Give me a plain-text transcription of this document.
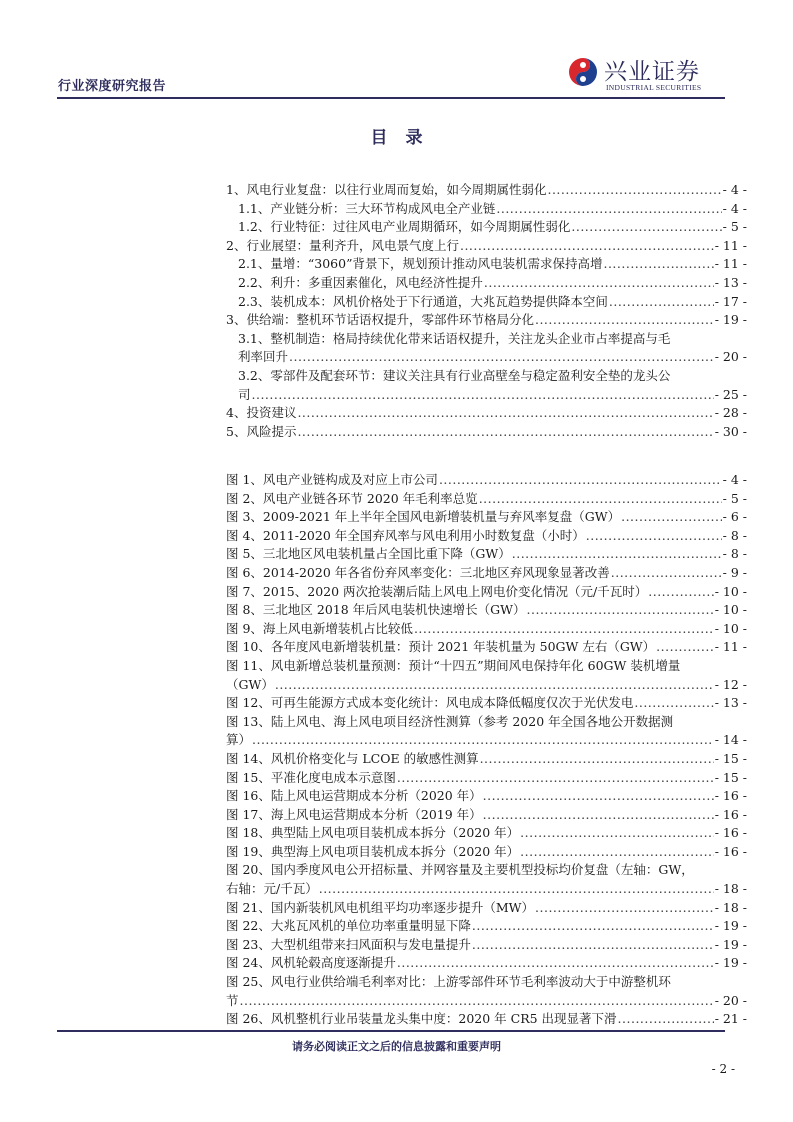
行业深度研究报告
兴业证券
INDUSTRIAL SECURITIES
目录
1、风电行业复盘：以往行业周而复始，如今周期属性弱化 .....	- 4 -
1.1、产业链分析：三大环节构成风电全产业链 .....	- 4 -
1.2、行业特征：过往风电产业周期循环，如今周期属性弱化 .....	- 5 -
2、行业展望：量利齐升，风电景气度上行 .....	- 11 -
2.1、量增：“3060”背景下，规划预计推动风电装机需求保持高增 .....	- 11 -
2.2、利升：多重因素催化，风电经济性提升 .....	- 13 -
2.3、装机成本：风机价格处于下行通道，大兆瓦趋势提供降本空间 .....	- 17 -
3、供给端：整机环节话语权提升，零部件环节格局分化 .....	- 19 -
3.1、整机制造：格局持续优化带来话语权提升，关注龙头企业市占率提高与毛
利率回升 .....	- 20 -
3.2、零部件及配套环节：建议关注具有行业高壁垒与稳定盈利安全垫的龙头公
司 .....	- 25 -
4、投资建议 .....	- 28 -
5、风险提示 .....	- 30 -
图 1、风电产业链构成及对应上市公司 .....	- 4 -
图 2、风电产业链各环节 2020 年毛利率总览 .....	- 5 -
图 3、2009-2021 年上半年全国风电新增装机量与弃风率复盘（GW） .....	- 6 -
图 4、2011-2020 年全国弃风率与风电利用小时数复盘（小时） .....	- 8 -
图 5、三北地区风电装机量占全国比重下降（GW） .....	- 8 -
图 6、2014-2020 年各省份弃风率变化：三北地区弃风现象显著改善 .....	- 9 -
图 7、2015、2020 两次抢装潮后陆上风电上网电价变化情况（元/千瓦时） .....	- 10 -
图 8、三北地区 2018 年后风电装机快速增长（GW） .....	- 10 -
图 9、海上风电新增装机占比较低 .....	- 10 -
图 10、各年度风电新增装机量：预计 2021 年装机量为 50GW 左右（GW） .....	- 11 -
图 11、风电新增总装机量预测：预计“十四五”期间风电保持年化 60GW 装机增量
（GW） .....	- 12 -
图 12、可再生能源方式成本变化统计：风电成本降低幅度仅次于光伏发电 .....	- 13 -
图 13、陆上风电、海上风电项目经济性测算（参考 2020 年全国各地公开数据测
算） .....	- 14 -
图 14、风机价格变化与 LCOE 的敏感性测算 .....	- 15 -
图 15、平准化度电成本示意图 .....	- 15 -
图 16、陆上风电运营期成本分析（2020 年） .....	- 16 -
图 17、海上风电运营期成本分析（2019 年） .....	- 16 -
图 18、典型陆上风电项目装机成本拆分（2020 年） .....	- 16 -
图 19、典型海上风电项目装机成本拆分（2020 年） .....	- 16 -
图 20、国内季度风电公开招标量、并网容量及主要机型投标均价复盘（左轴：GW，
右轴：元/千瓦） .....	- 18 -
图 21、国内新装机风电机组平均功率逐步提升（MW） .....	- 18 -
图 22、大兆瓦风机的单位功率重量明显下降 .....	- 19 -
图 23、大型机组带来扫风面积与发电量提升 .....	- 19 -
图 24、风机轮毂高度逐渐提升 .....	- 19 -
图 25、风电行业供给端毛利率对比：上游零部件环节毛利率波动大于中游整机环
节 .....	- 20 -
图 26、风机整机行业吊装量龙头集中度：2020 年 CR5 出现显著下滑 .....	- 21 -
请务必阅读正文之后的信息披露和重要声明
- 2 -
